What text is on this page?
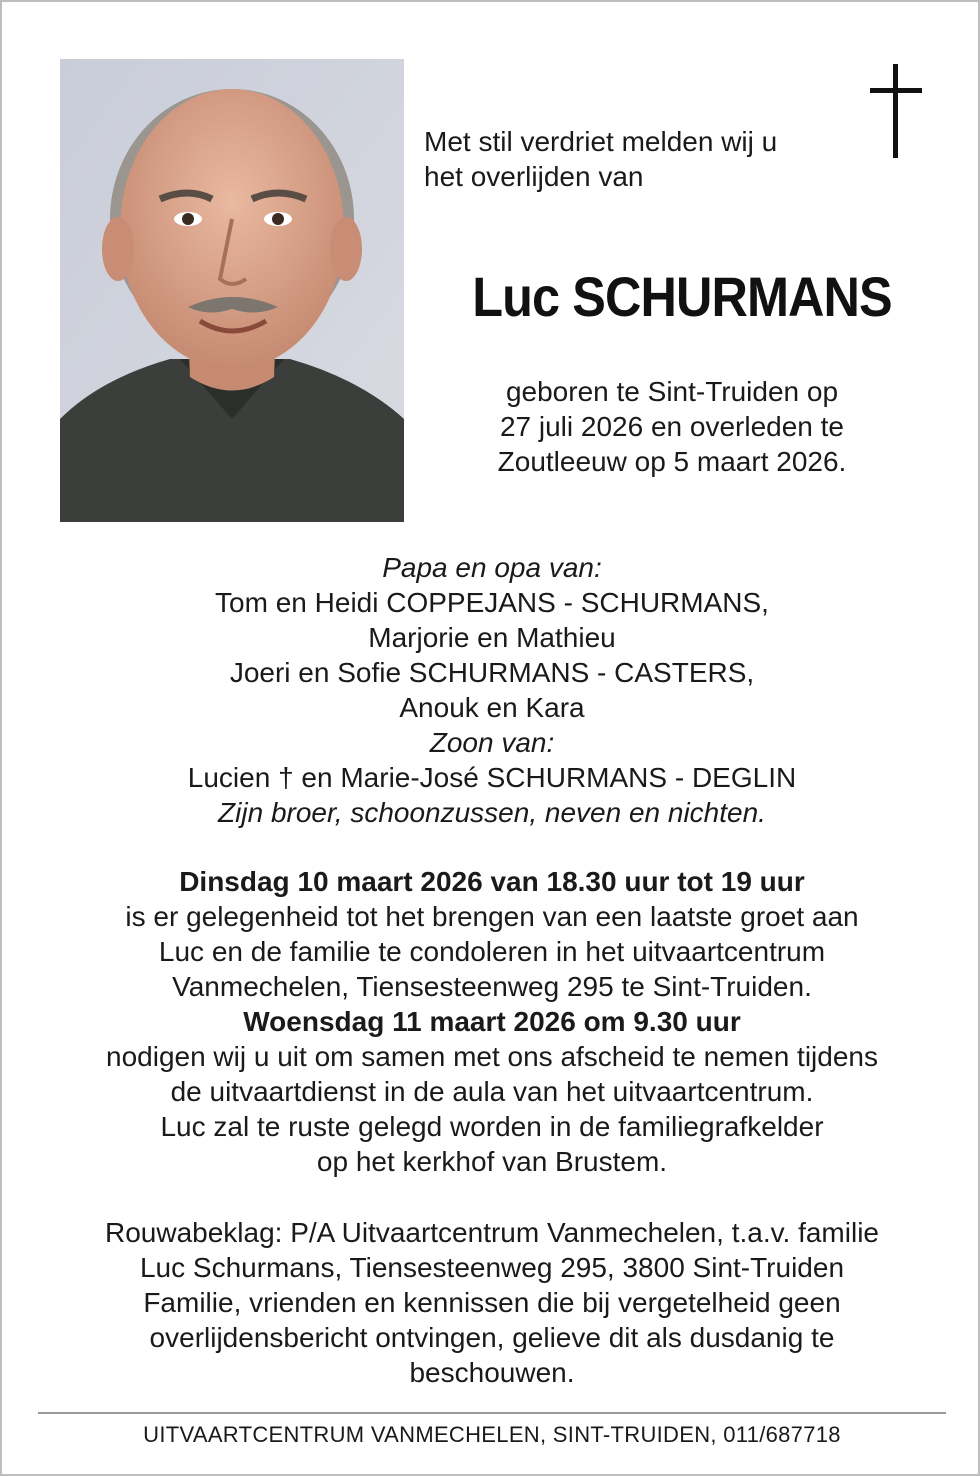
Met stil verdriet melden wij u
het overlijden van
Luc SCHURMANS
geboren te Sint-Truiden op
27 juli 2026 en overleden te
Zoutleeuw op 5 maart 2026.
Papa en opa van:
Tom en Heidi COPPEJANS - SCHURMANS,
Marjorie en Mathieu
Joeri en Sofie SCHURMANS - CASTERS,
Anouk en Kara
Zoon van:
Lucien † en Marie-José SCHURMANS - DEGLIN
Zijn broer, schoonzussen, neven en nichten.
Dinsdag 10 maart 2026 van 18.30 uur tot 19 uur
is er gelegenheid tot het brengen van een laatste groet aan
Luc en de familie te condoleren in het uitvaartcentrum
Vanmechelen, Tiensesteenweg 295 te Sint-Truiden.
Woensdag 11 maart 2026 om 9.30 uur
nodigen wij u uit om samen met ons afscheid te nemen tijdens
de uitvaartdienst in de aula van het uitvaartcentrum.
Luc zal te ruste gelegd worden in de familiegrafkelder
op het kerkhof van Brustem.
Rouwabeklag: P/A Uitvaartcentrum Vanmechelen, t.a.v. familie
Luc Schurmans, Tiensesteenweg 295, 3800 Sint-Truiden
Familie, vrienden en kennissen die bij vergetelheid geen
overlijdensbericht ontvingen, gelieve dit als dusdanig te
beschouwen.
UITVAARTCENTRUM VANMECHELEN, SINT-TRUIDEN, 011/687718
